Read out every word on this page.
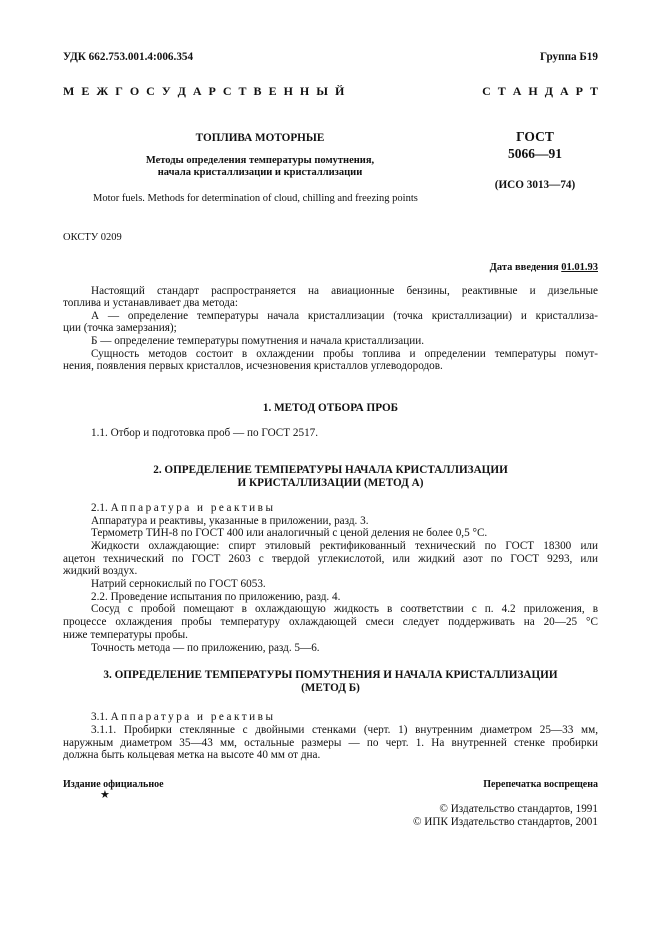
УДК 662.753.001.4:006.354	Группа Б19
М Е Ж Г О С У Д А Р С Т В Е Н Н Ы Й	С Т А Н Д А Р Т
ТОПЛИВА МОТОРНЫЕ
Методы определения температуры помутнения,
начала кристаллизации и кристаллизации
ГОСТ
5066—91
(ИСО 3013—74)
Motor fuels. Methods for determination of cloud, chilling and freezing points
ОКСТУ 0209
Дата введения 01.01.93
Настоящий стандарт распространяется на авиационные бензины, реактивные и дизельные
топлива и устанавливает два метода:
А — определение температуры начала кристаллизации (точка кристаллизации) и кристаллиза-
ции (точка замерзания);
Б — определение температуры помутнения и начала кристаллизации.
Сущность методов состоит в охлаждении пробы топлива и определении температуры помут-
нения, появления первых кристаллов, исчезновения кристаллов углеводородов.
1. МЕТОД ОТБОРА ПРОБ
1.1. Отбор и подготовка проб — по ГОСТ 2517.
2. ОПРЕДЕЛЕНИЕ ТЕМПЕРАТУРЫ НАЧАЛА КРИСТАЛЛИЗАЦИИ
И КРИСТАЛЛИЗАЦИИ (МЕТОД А)
2.1. Аппаратура и реактивы
Аппаратура и реактивы, указанные в приложении, разд. 3.
Термометр ТИН-8 по ГОСТ 400 или аналогичный с ценой деления не более 0,5 °С.
Жидкости охлаждающие: спирт этиловый ректификованный технический по ГОСТ 18300 или
ацетон технический по ГОСТ 2603 с твердой углекислотой, или жидкий азот по ГОСТ 9293, или
жидкий воздух.
Натрий сернокислый по ГОСТ 6053.
2.2. Проведение испытания по приложению, разд. 4.
Сосуд с пробой помещают в охлаждающую жидкость в соответствии с п. 4.2 приложения, в
процессе охлаждения пробы температуру охлаждающей смеси следует поддерживать на 20—25 °С
ниже температуры пробы.
Точность метода — по приложению, разд. 5—6.
3. ОПРЕДЕЛЕНИЕ ТЕМПЕРАТУРЫ ПОМУТНЕНИЯ И НАЧАЛА КРИСТАЛЛИЗАЦИИ
(МЕТОД Б)
3.1. Аппаратура и реактивы
3.1.1. Пробирки стеклянные с двойными стенками (черт. 1) внутренним диаметром 25—33 мм,
наружным диаметром 35—43 мм, остальные размеры — по черт. 1. На внутренней стенке пробирки
должна быть кольцевая метка на высоте 40 мм от дна.
Издание официальное
★
Перепечатка воспрещена
© Издательство стандартов, 1991
© ИПК Издательство стандартов, 2001
